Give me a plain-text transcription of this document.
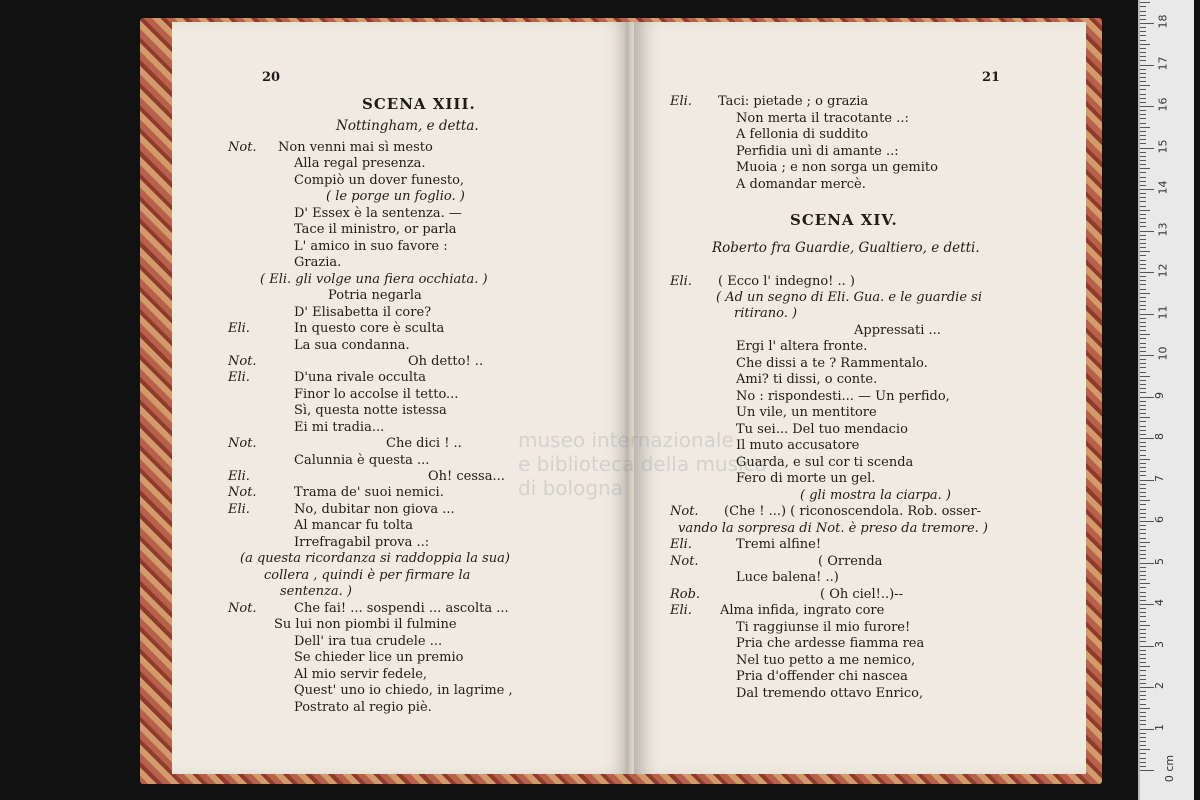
20
SCENA XIII.
Nottingham, e detta.
Not. Non venni mai sì mesto
Alla regal presenza.
Compiò un dover funesto,
( le porge un foglio. )
D' Essex è la sentenza. —
Tace il ministro, or parla
L' amico in suo favore :
Grazia.
( Eli. gli volge una fiera occhiata. )
Potria negarla
D' Elisabetta il core?
Eli.	In questo core è sculta
La sua condanna.
Not.	Oh detto! ..
Eli.	D'una rivale occulta
Finor lo accolse il tetto...
Sì, questa notte istessa
Ei mi tradia...
Not.	Che dici ! ..
Calunnia è questa ...
Eli.	Oh! cessa...
Not.	Trama de' suoi nemici.
Eli.	No, dubitar non giova ...
Al mancar fu tolta
Irrefragabil prova ..:
(a questa ricordanza si raddoppia la sua)
collera , quindi è per firmare la
sentenza. )
Not.	Che fai! ... sospendi ... ascolta ...
Su lui non piombi il fulmine
Dell' ira tua crudele ...
Se chieder lice un premio
Al mio servir fedele,
Quest' uno io chiedo, in lagrime ,
Postrato al regio piè.
21
Eli. Taci: pietade ; o grazia
Non merta il tracotante ..:
A fellonia di suddito
Perfidia unì di amante ..:
Muoia ; e non sorga un gemito
A domandar mercè.
SCENA XIV.
Roberto fra Guardie, Gualtiero, e detti.
Eli. ( Ecco l' indegno! .. )
( Ad un segno di Eli. Gua. e le guardie si
ritirano. )
Appressati ...
Ergi l' altera fronte.
Che dissi a te ? Rammentalo.
Ami? ti dissi, o conte.
No : rispondesti... — Un perfido,
Un vile, un mentitore
Tu sei... Del tuo mendacio
Il muto accusatore
Guarda, e sul cor ti scenda
Fero di morte un gel.
( gli mostra la ciarpa. )
Not. (Che ! ...) ( riconoscendola. Rob. osser-
vando la sorpresa di Not. è preso da tremore. )
Eli.	Tremi alfine!
Not.	( Orrenda
Luce balena! ..)
Rob.	( Oh ciel!..)--
Eli. Alma infida, ingrato core
Ti raggiunse il mio furore!
Pria che ardesse fiamma rea
Nel tuo petto a me nemico,
Pria d'offender chi nascea
Dal tremendo ottavo Enrico,
museo internazionale
e biblioteca della musica
di bologna
0 cm
1
2
3
4
5
6
7
8
9
10
11
12
13
14
15
16
17
18
